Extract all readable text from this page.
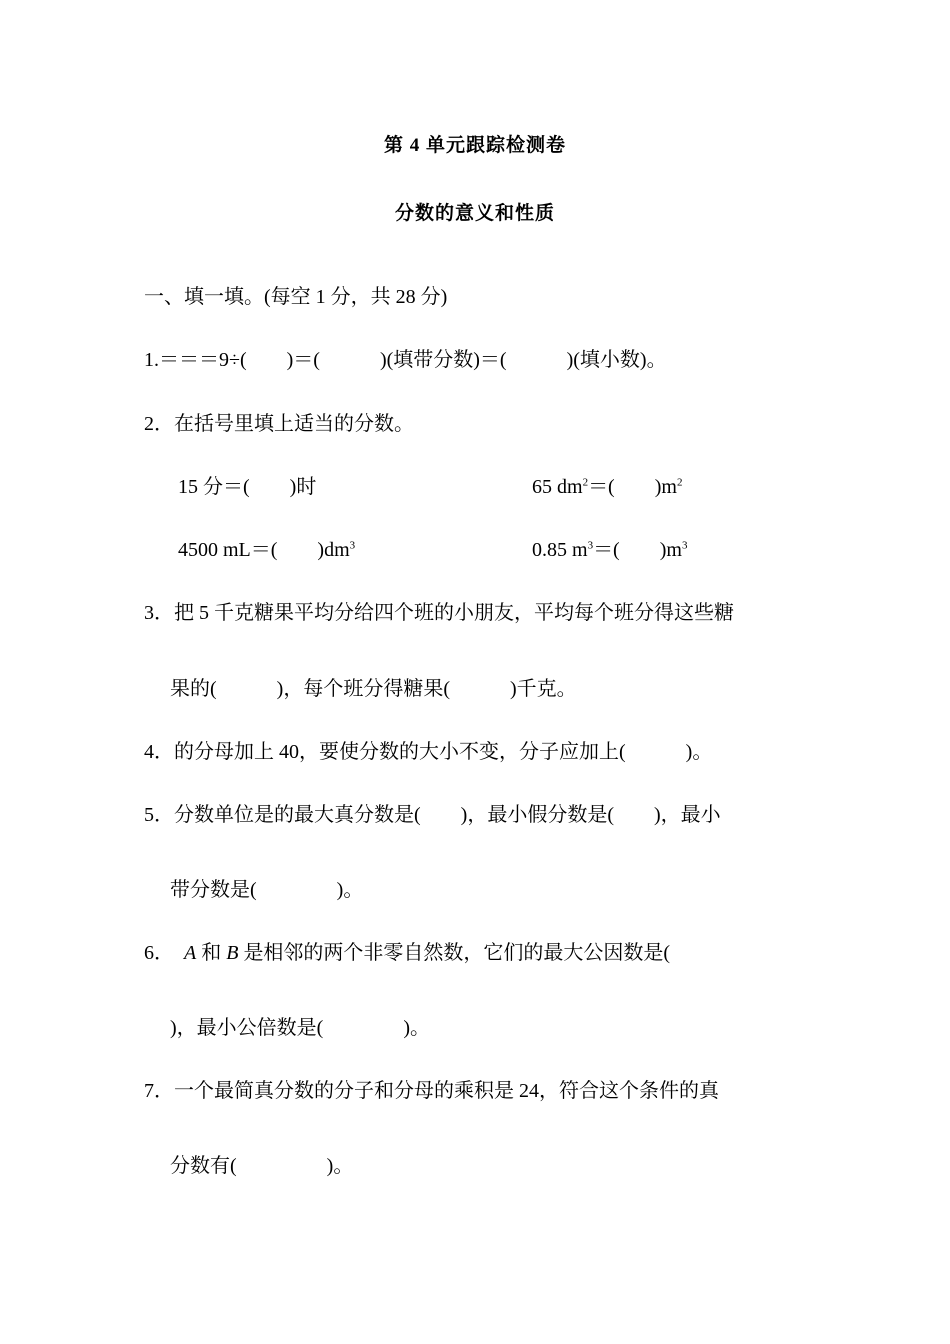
第 4 单元跟踪检测卷
分数的意义和性质
一、填一填。(每空 1 分，共 28 分)
1.＝＝＝9÷(        )＝(            )(填带分数)＝(            )(填小数)。
2．在括号里填上适当的分数。
15 分＝(        )时	65 $dm^2=$(        )$m^2$
4500 mL＝(        )$dm^3$	0.85 $m^3=$(        )$m^3$
3．把 5 千克糖果平均分给四个班的小朋友，平均每个班分得这些糖
果的(            )，每个班分得糖果(            )千克。
4．的分母加上 40，要使分数的大小不变，分子应加上(            )。
5．分数单位是的最大真分数是(        )，最小假分数是(        )，最小
带分数是(                )。
6． A 和 B 是相邻的两个非零自然数，它们的最大公因数是(
)，最小公倍数是(                )。
7．一个最简真分数的分子和分母的乘积是 24，符合这个条件的真
分数有(                  )。
